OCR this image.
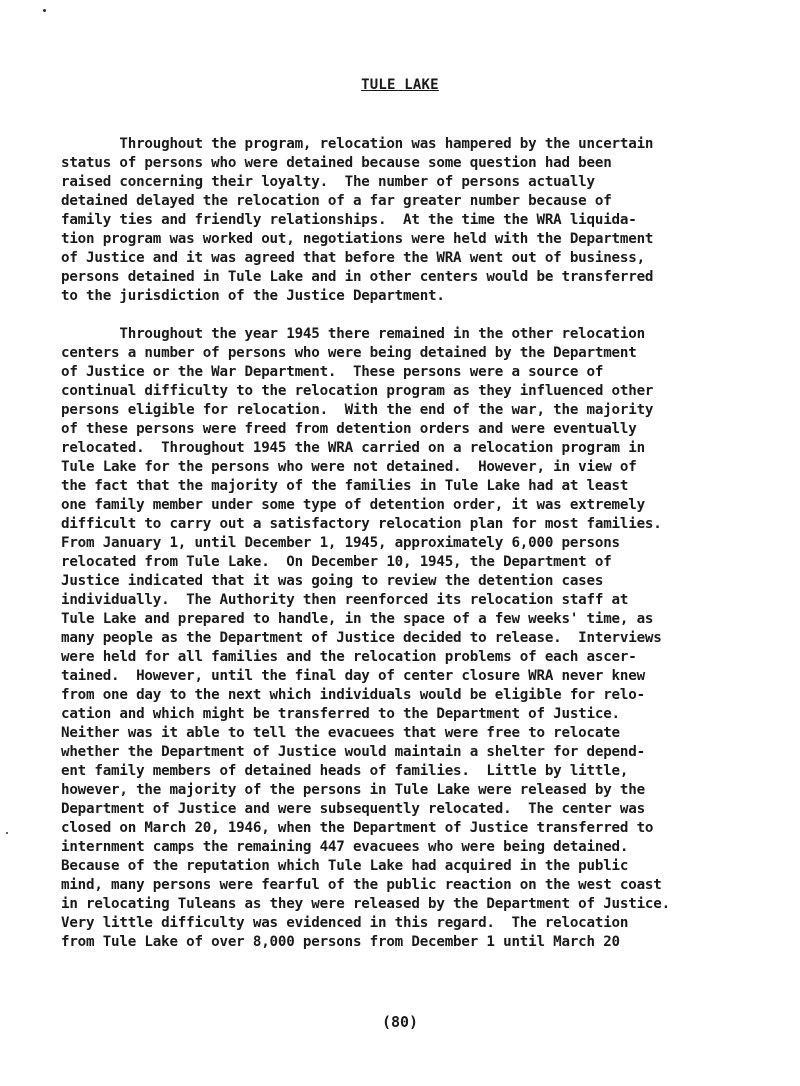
TULE LAKE
Throughout the program, relocation was hampered by the uncertain
status of persons who were detained because some question had been
raised concerning their loyalty.  The number of persons actually
detained delayed the relocation of a far greater number because of
family ties and friendly relationships.  At the time the WRA liquida-
tion program was worked out, negotiations were held with the Department
of Justice and it was agreed that before the WRA went out of business,
persons detained in Tule Lake and in other centers would be transferred
to the jurisdiction of the Justice Department.
Throughout the year 1945 there remained in the other relocation
centers a number of persons who were being detained by the Department
of Justice or the War Department.  These persons were a source of
continual difficulty to the relocation program as they influenced other
persons eligible for relocation.  With the end of the war, the majority
of these persons were freed from detention orders and were eventually
relocated.  Throughout 1945 the WRA carried on a relocation program in
Tule Lake for the persons who were not detained.  However, in view of
the fact that the majority of the families in Tule Lake had at least
one family member under some type of detention order, it was extremely
difficult to carry out a satisfactory relocation plan for most families.
From January 1, until December 1, 1945, approximately 6,000 persons
relocated from Tule Lake.  On December 10, 1945, the Department of
Justice indicated that it was going to review the detention cases
individually.  The Authority then reenforced its relocation staff at
Tule Lake and prepared to handle, in the space of a few weeks' time, as
many people as the Department of Justice decided to release.  Interviews
were held for all families and the relocation problems of each ascer-
tained.  However, until the final day of center closure WRA never knew
from one day to the next which individuals would be eligible for relo-
cation and which might be transferred to the Department of Justice.
Neither was it able to tell the evacuees that were free to relocate
whether the Department of Justice would maintain a shelter for depend-
ent family members of detained heads of families.  Little by little,
however, the majority of the persons in Tule Lake were released by the
Department of Justice and were subsequently relocated.  The center was
closed on March 20, 1946, when the Department of Justice transferred to
internment camps the remaining 447 evacuees who were being detained.
Because of the reputation which Tule Lake had acquired in the public
mind, many persons were fearful of the public reaction on the west coast
in relocating Tuleans as they were released by the Department of Justice.
Very little difficulty was evidenced in this regard.  The relocation
from Tule Lake of over 8,000 persons from December 1 until March 20
(80)
